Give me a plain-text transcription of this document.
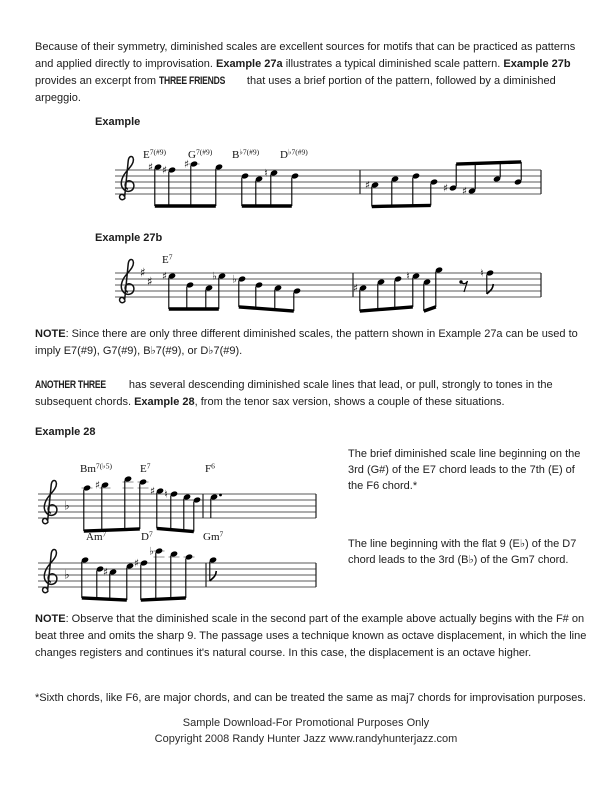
Because of their symmetry, diminished scales are excellent sources for motifs that can be practiced as patterns and applied directly to improvisation. Example 27a illustrates a typical diminished scale pattern. Example 27b provides an excerpt from THREE FRIENDS that uses a brief portion of the pattern, followed by a diminished arpeggio.

Example
$E^{7(\#9)}$ $G^{7(\#9)}$ $B^{♭7(\#9)}$ $D^{♭7(\#9)}$
♯ ♯ ♯
♮
♯	♯ ♯
Example 27b
♯
♯
$E^7$
♯	♭ ♭
♯
♮	♮

NOTE: Since there are only three different diminished scales, the pattern shown in Example 27a can be used to imply E7(#9), G7(#9), B♭7(#9), or D♭7(#9).

ANOTHER THREE has several descending diminished scale lines that lead, or pull, strongly to tones in the subsequent chords. Example 28, from the tenor sax version, shows a couple of these situations.

Example 28
♭
$Bm^{7(♭5)}$	$E^7$	$F^6$
♯	♯ ♮
The brief diminished scale line beginning on the 3rd (G#) of the E7 chord leads to the 7th (E) of the F6 chord.*
♭
Am$^7$	$D^7$	Gm$^7$
♯
♯
♭
The line beginning with the flat 9 (E♭) of the D7 chord leads to the 3rd (B♭) of the Gm7 chord.

NOTE: Observe that the diminished scale in the second part of the example above actually begins with the F# on beat three and omits the sharp 9. The passage uses a technique known as octave displacement, in which the line changes registers and continues it's natural course. In this case, the displacement is an octave higher.

*Sixth chords, like F6, are major chords, and can be treated the same as maj7 chords for improvisation purposes.

Sample Download-For Promotional Purposes Only
Copyright 2008 Randy Hunter Jazz www.randyhunterjazz.com
